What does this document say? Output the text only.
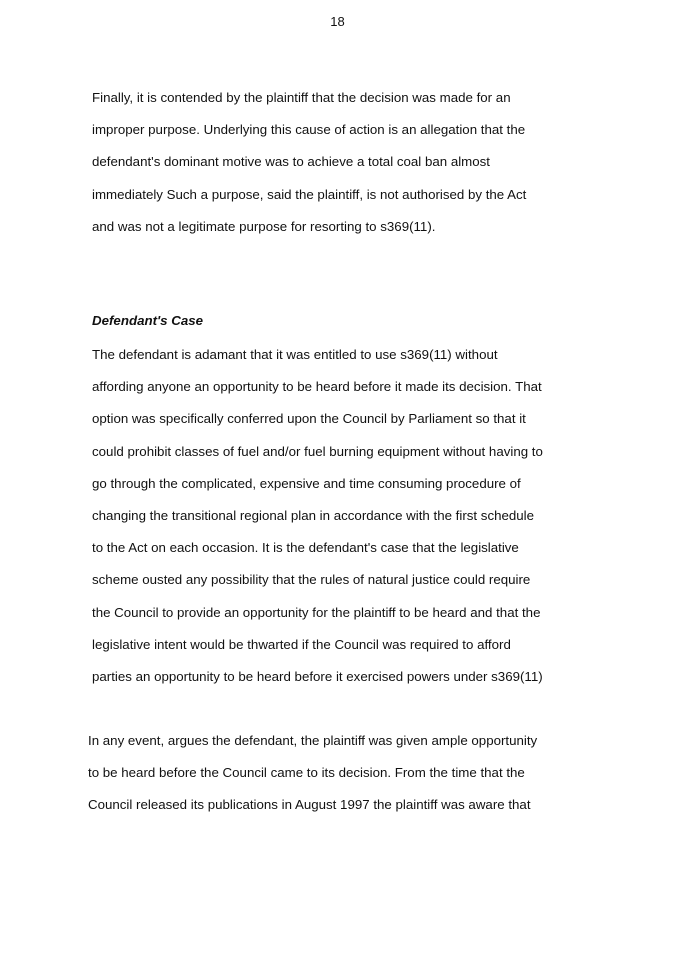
18
Finally, it is contended by the plaintiff that the decision was made for an
improper purpose. Underlying this cause of action is an allegation that the
defendant's dominant motive was to achieve a total coal ban almost
immediately Such a purpose, said the plaintiff, is not authorised by the Act
and was not a legitimate purpose for resorting to s369(11).
Defendant's Case
The defendant is adamant that it was entitled to use s369(11) without
affording anyone an opportunity to be heard before it made its decision. That
option was specifically conferred upon the Council by Parliament so that it
could prohibit classes of fuel and/or fuel burning equipment without having to
go through the complicated, expensive and time consuming procedure of
changing the transitional regional plan in accordance with the first schedule
to the Act on each occasion. It is the defendant's case that the legislative
scheme ousted any possibility that the rules of natural justice could require
the Council to provide an opportunity for the plaintiff to be heard and that the
legislative intent would be thwarted if the Council was required to afford
parties an opportunity to be heard before it exercised powers under s369(11)
In any event, argues the defendant, the plaintiff was given ample opportunity
to be heard before the Council came to its decision. From the time that the
Council released its publications in August 1997 the plaintiff was aware that
